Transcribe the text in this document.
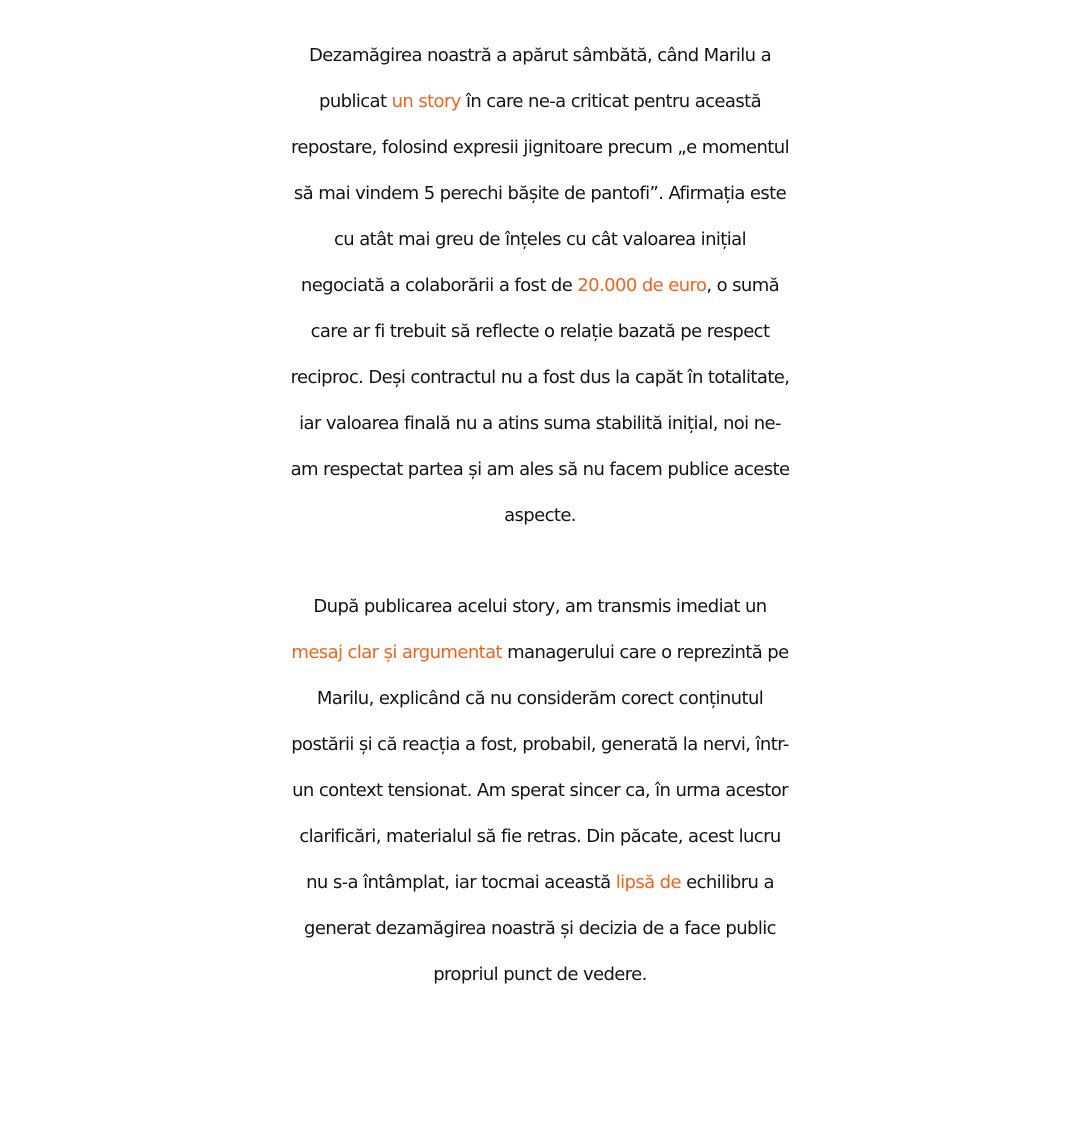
Dezamăgirea noastră a apărut sâmbătă, când Marilu a
publicat un story în care ne-a criticat pentru această
repostare, folosind expresii jignitoare precum „e momentul
să mai vindem 5 perechi bășite de pantofi”. Afirmația este
cu atât mai greu de înțeles cu cât valoarea inițial
negociată a colaborării a fost de 20.000 de euro, o sumă
care ar fi trebuit să reflecte o relație bazată pe respect
reciproc. Deși contractul nu a fost dus la capăt în totalitate,
iar valoarea finală nu a atins suma stabilită inițial, noi ne-
am respectat partea și am ales să nu facem publice aceste
aspecte.
După publicarea acelui story, am transmis imediat un
mesaj clar și argumentat managerului care o reprezintă pe
Marilu, explicând că nu considerăm corect conținutul
postării și că reacția a fost, probabil, generată la nervi, într-
un context tensionat. Am sperat sincer ca, în urma acestor
clarificări, materialul să fie retras. Din păcate, acest lucru
nu s-a întâmplat, iar tocmai această lipsă de echilibru a
generat dezamăgirea noastră și decizia de a face public
propriul punct de vedere.
